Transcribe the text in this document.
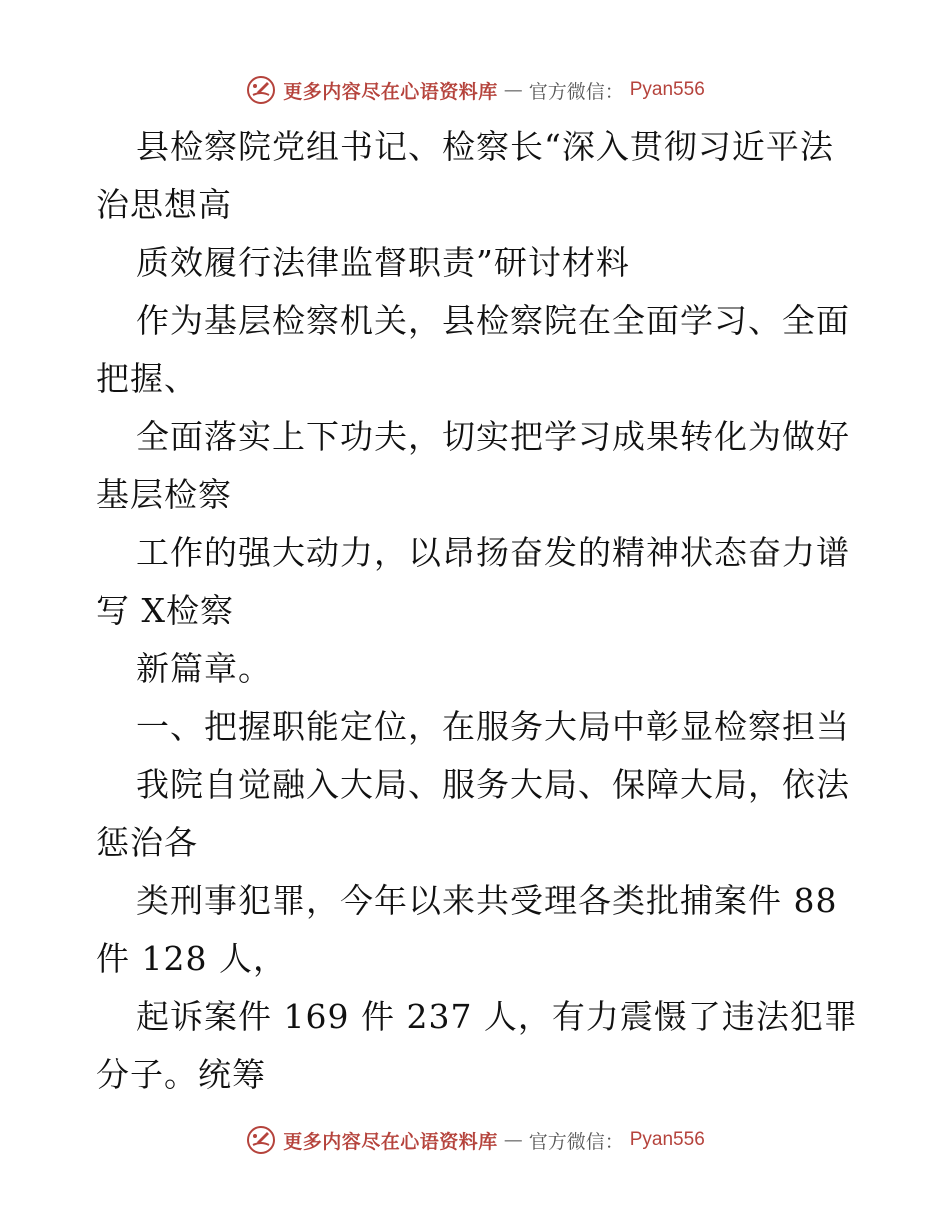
更多内容尽在心语资料库 — 官方微信： Pyan556
县检察院党组书记、检察长“深入贯彻习近平法
治思想高
质效履行法律监督职责”研讨材料
作为基层检察机关，县检察院在全面学习、全面
把握、
全面落实上下功夫，切实把学习成果转化为做好
基层检察
工作的强大动力，以昂扬奋发的精神状态奋力谱
写 X检察
新篇章。
一、把握职能定位，在服务大局中彰显检察担当
我院自觉融入大局、服务大局、保障大局，依法
惩治各
类刑事犯罪，今年以来共受理各类批捕案件 88
件 128 人，
起诉案件 169 件 237 人，有力震慑了违法犯罪
分子。统筹
更多内容尽在心语资料库 — 官方微信： Pyan556
